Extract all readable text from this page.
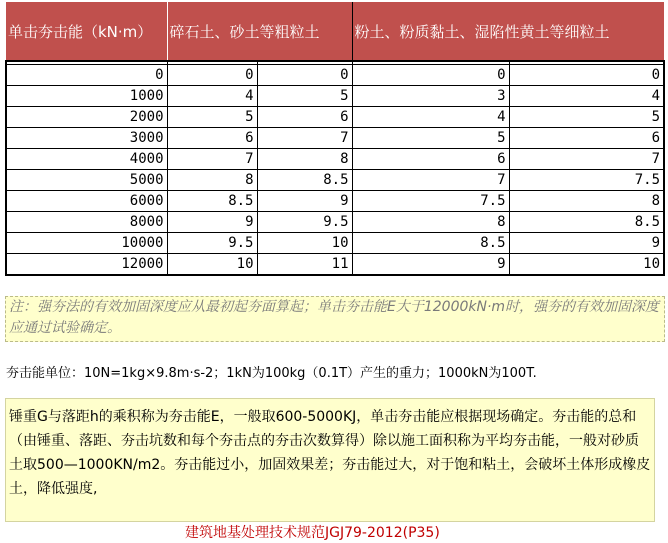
单击夯击能（kN·m）	碎石土、砂土等粗粒土		粉土、粉质黏土、湿陷性黄土等细粒土	

0	0	0	0	0
1000	4	5	3	4
2000	5	6	4	5
3000	6	7	5	6
4000	7	8	6	7
5000	8	8.5	7	7.5
6000	8.5	9	7.5	8
8000	9	9.5	8	8.5
10000	9.5	10	8.5	9
12000	10	11	9	10
注：强夯法的有效加固深度应从最初起夯面算起；单击夯击能E大于12000kN·m时，强夯的有效加固深度应通过试验确定。
夯击能单位：10N=1kg×9.8m·s-2；1kN为100kg（0.1T）产生的重力；1000kN为100T.
锤重G与落距h的乘积称为夯击能E，一般取600-5000KJ，单击夯击能应根据现场确定。夯击能的总和（由锤重、落距、夯击坑数和每个夯击点的夯击次数算得）除以施工面积称为平均夯击能，一般对砂质土取500—1000KN/m2。夯击能过小，加固效果差；夯击能过大，对于饱和粘土，会破坏土体形成橡皮土，降低强度,
建筑地基处理技术规范JGJ79-2012(P35)
